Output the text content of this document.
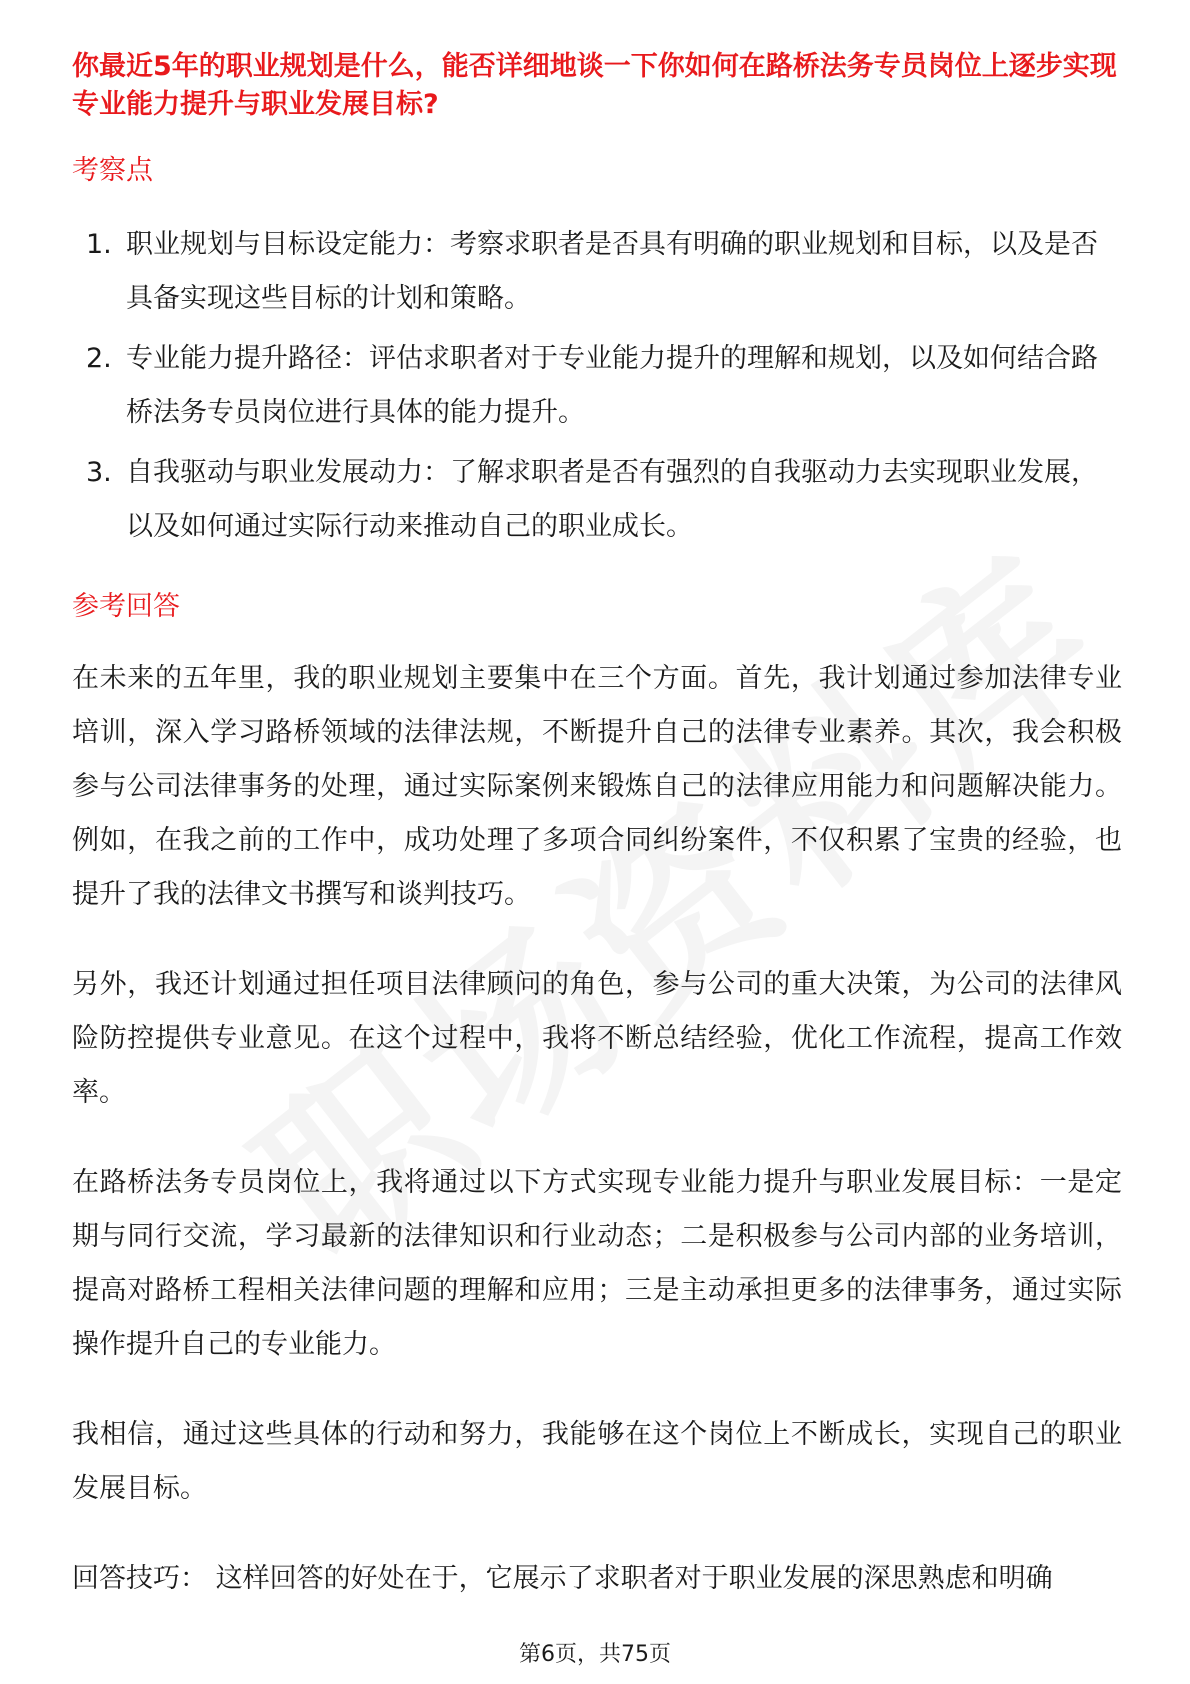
你最近5年的职业规划是什么，能否详细地谈一下你如何在路桥法务专员岗位上逐步实现专业能力提升与职业发展目标?

考察点

1. 职业规划与目标设定能力：考察求职者是否具有明确的职业规划和目标，以及是否具备实现这些目标的计划和策略。
2. 专业能力提升路径：评估求职者对于专业能力提升的理解和规划，以及如何结合路桥法务专员岗位进行具体的能力提升。
3. 自我驱动与职业发展动力：了解求职者是否有强烈的自我驱动力去实现职业发展，以及如何通过实际行动来推动自己的职业成长。

参考回答

在未来的五年里，我的职业规划主要集中在三个方面。首先，我计划通过参加法律专业培训，深入学习路桥领域的法律法规，不断提升自己的法律专业素养。其次，我会积极参与公司法律事务的处理，通过实际案例来锻炼自己的法律应用能力和问题解决能力。例如，在我之前的工作中，成功处理了多项合同纠纷案件，不仅积累了宝贵的经验，也提升了我的法律文书撰写和谈判技巧。

另外，我还计划通过担任项目法律顾问的角色，参与公司的重大决策，为公司的法律风险防控提供专业意见。在这个过程中，我将不断总结经验，优化工作流程，提高工作效率。

在路桥法务专员岗位上，我将通过以下方式实现专业能力提升与职业发展目标：一是定期与同行交流，学习最新的法律知识和行业动态；二是积极参与公司内部的业务培训，提高对路桥工程相关法律问题的理解和应用；三是主动承担更多的法律事务，通过实际操作提升自己的专业能力。

我相信，通过这些具体的行动和努力，我能够在这个岗位上不断成长，实现自己的职业发展目标。

回答技巧： 这样回答的好处在于，它展示了求职者对于职业发展的深思熟虑和明确

第6页，共75页
